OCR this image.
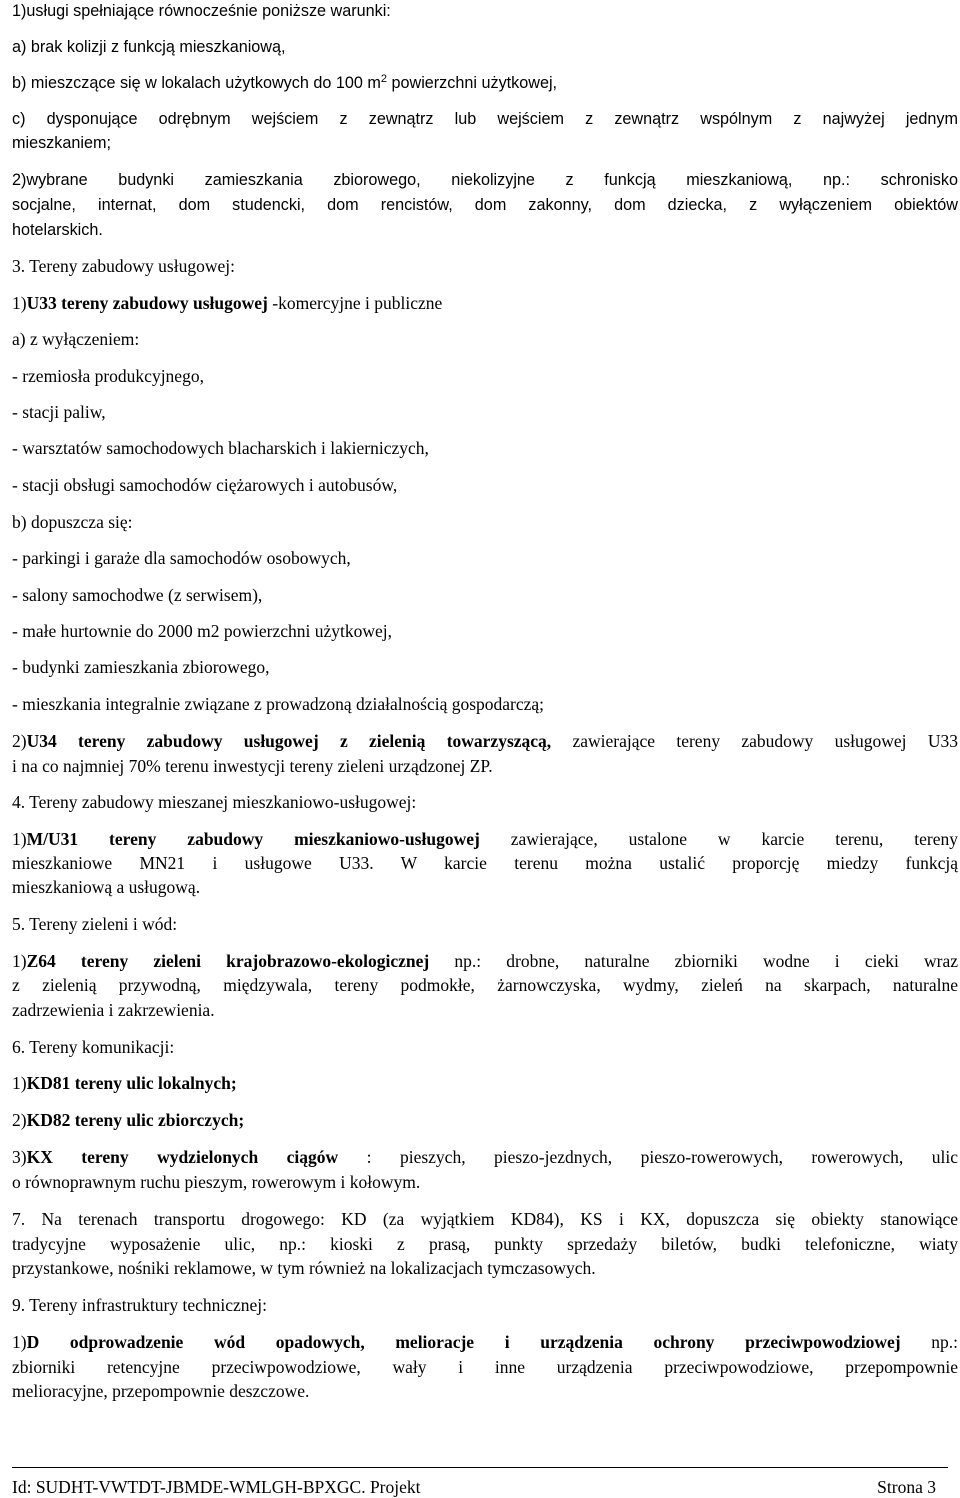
1)usługi spełniające równocześnie poniższe warunki:
a) brak kolizji z funkcją mieszkaniową,
b) mieszczące się w lokalach użytkowych do 100 $m^2$ powierzchni użytkowej,
c) dysponujące odrębnym wejściem z zewnątrz lub wejściem z zewnątrz wspólnym z najwyżej jednym
mieszkaniem;
2)wybrane budynki zamieszkania zbiorowego, niekolizyjne z funkcją mieszkaniową, np.: schronisko
socjalne, internat, dom studencki, dom rencistów, dom zakonny, dom dziecka, z wyłączeniem obiektów
hotelarskich.
3. Tereny zabudowy usługowej:
1)U33 tereny zabudowy usługowej -komercyjne i publiczne
a) z wyłączeniem:
- rzemiosła produkcyjnego,
- stacji paliw,
- warsztatów samochodowych blacharskich i lakierniczych,
- stacji obsługi samochodów ciężarowych i autobusów,
b) dopuszcza się:
- parkingi i garaże dla samochodów osobowych,
- salony samochodwe (z serwisem),
- małe hurtownie do 2000 m2 powierzchni użytkowej,
- budynki zamieszkania zbiorowego,
- mieszkania integralnie związane z prowadzoną działalnością gospodarczą;
2)U34 tereny zabudowy usługowej z zielenią towarzyszącą, zawierające tereny zabudowy usługowej U33
i na co najmniej 70% terenu inwestycji tereny zieleni urządzonej ZP.
4. Tereny zabudowy mieszanej mieszkaniowo-usługowej:
1)M/U31 tereny zabudowy mieszkaniowo-usługowej zawierające, ustalone w karcie terenu, tereny
mieszkaniowe MN21 i usługowe U33. W karcie terenu można ustalić proporcję miedzy funkcją
mieszkaniową a usługową.
5. Tereny zieleni i wód:
1)Z64 tereny zieleni krajobrazowo-ekologicznej np.: drobne, naturalne zbiorniki wodne i cieki wraz
z zielenią przywodną, międzywala, tereny podmokłe, żarnowczyska, wydmy, zieleń na skarpach, naturalne
zadrzewienia i zakrzewienia.
6. Tereny komunikacji:
1)KD81 tereny ulic lokalnych;
2)KD82 tereny ulic zbiorczych;
3)KX tereny wydzielonych ciągów : pieszych, pieszo-jezdnych, pieszo-rowerowych, rowerowych, ulic
o równoprawnym ruchu pieszym, rowerowym i kołowym.
7. Na terenach transportu drogowego: KD (za wyjątkiem KD84), KS i KX, dopuszcza się obiekty stanowiące
tradycyjne wyposażenie ulic, np.: kioski z prasą, punkty sprzedaży biletów, budki telefoniczne, wiaty
przystankowe, nośniki reklamowe, w tym również na lokalizacjach tymczasowych.
9. Tereny infrastruktury technicznej:
1)D odprowadzenie wód opadowych, melioracje i urządzenia ochrony przeciwpowodziowej np.:
zbiorniki retencyjne przeciwpowodziowe, wały i inne urządzenia przeciwpowodziowe, przepompownie
melioracyjne, przepompownie deszczowe.
Id: SUDHT-VWTDT-JBMDE-WMLGH-BPXGC. Projekt	Strona 3
